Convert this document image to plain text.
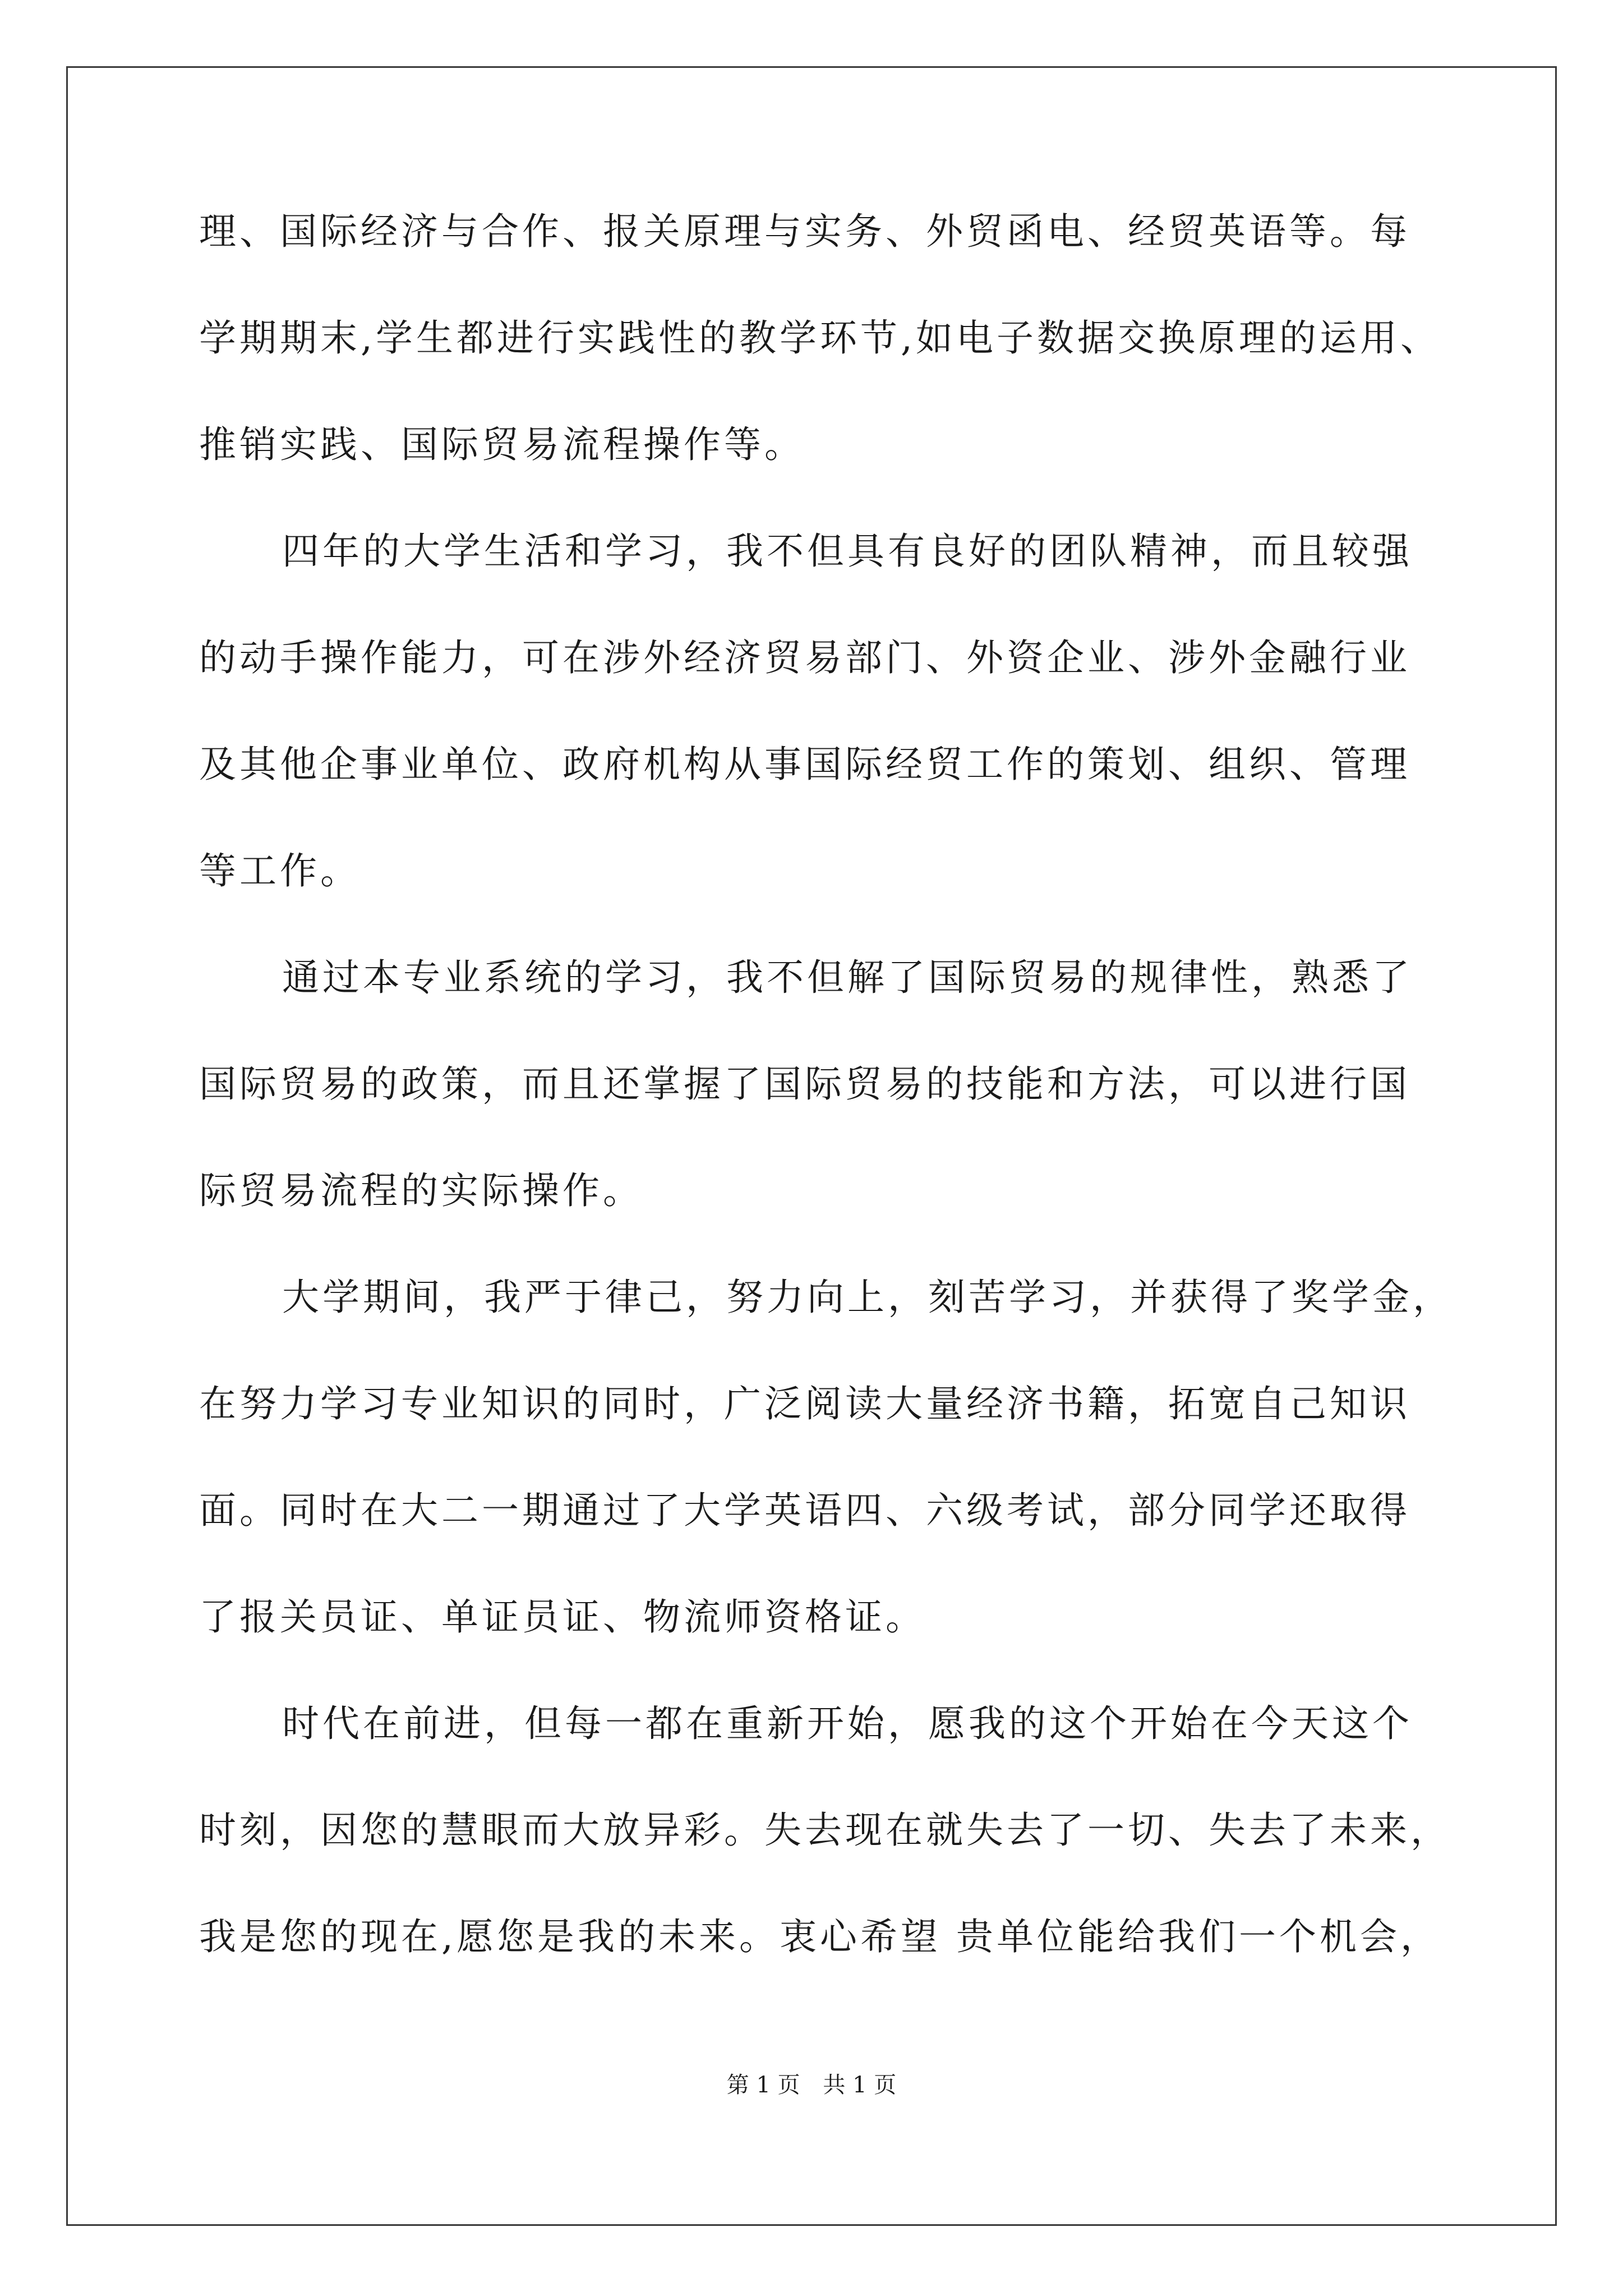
理、国际经济与合作、报关原理与实务、外贸函电、经贸英语等。每
学期期末,学生都进行实践性的教学环节,如电子数据交换原理的运用、
推销实践、国际贸易流程操作等。
四年的大学生活和学习，我不但具有良好的团队精神，而且较强
的动手操作能力，可在涉外经济贸易部门、外资企业、涉外金融行业
及其他企事业单位、政府机构从事国际经贸工作的策划、组织、管理
等工作。
通过本专业系统的学习，我不但解了国际贸易的规律性，熟悉了
国际贸易的政策，而且还掌握了国际贸易的技能和方法，可以进行国
际贸易流程的实际操作。
大学期间，我严于律己，努力向上，刻苦学习，并获得了奖学金，
在努力学习专业知识的同时，广泛阅读大量经济书籍，拓宽自己知识
面。同时在大二一期通过了大学英语四、六级考试，部分同学还取得
了报关员证、单证员证、物流师资格证。
时代在前进，但每一都在重新开始，愿我的这个开始在今天这个
时刻，因您的慧眼而大放异彩。失去现在就失去了一切、失去了未来，
我是您的现在,愿您是我的未来。衷心希望 贵单位能给我们一个机会，
第 1 页 共 1 页
